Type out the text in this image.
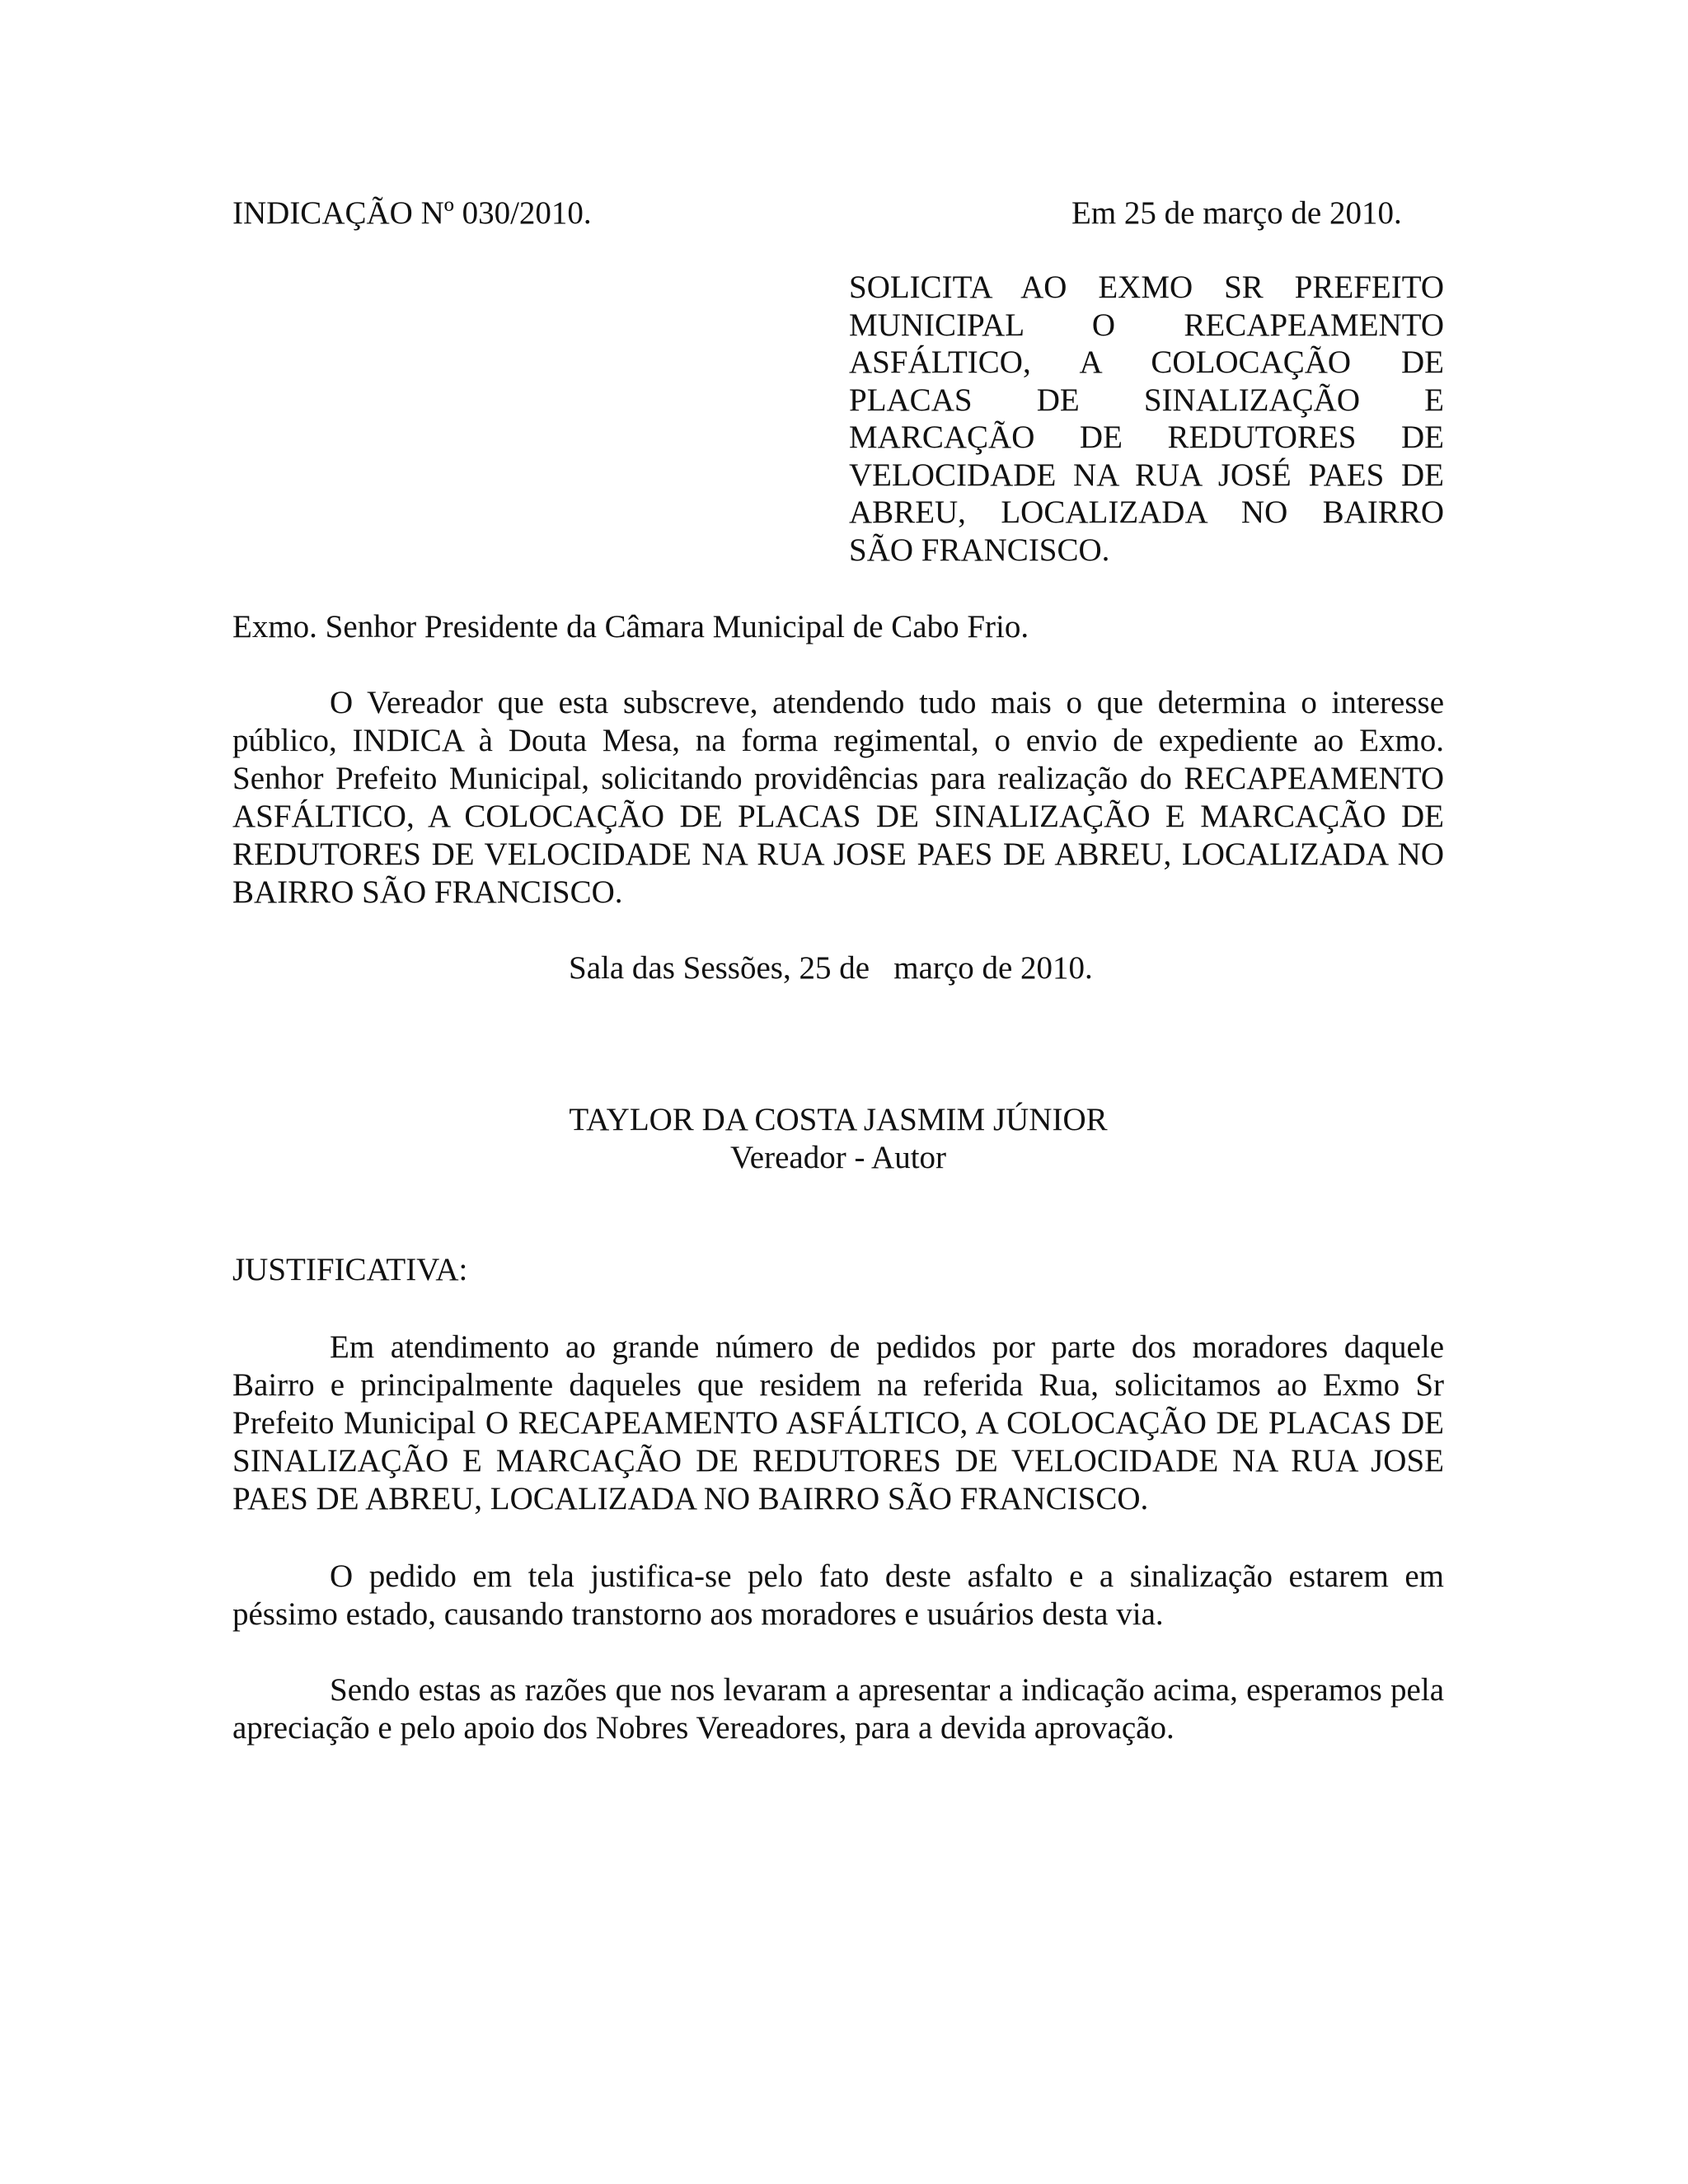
INDICAÇÃO Nº 030/2010.	Em 25 de março de 2010.

SOLICITA AO EXMO SR PREFEITO
MUNICIPAL O RECAPEAMENTO
ASFÁLTICO, A COLOCAÇÃO DE
PLACAS DE SINALIZAÇÃO E
MARCAÇÃO DE REDUTORES DE
VELOCIDADE NA RUA JOSÉ PAES DE
ABREU, LOCALIZADA NO BAIRRO
SÃO FRANCISCO.

Exmo. Senhor Presidente da Câmara Municipal de Cabo Frio.

O Vereador que esta subscreve, atendendo tudo mais o que determina o interesse público, INDICA à Douta Mesa, na forma regimental, o envio de expediente ao Exmo. Senhor Prefeito Municipal, solicitando providências para realização do RECAPEAMENTO ASFÁLTICO, A COLOCAÇÃO DE PLACAS DE SINALIZAÇÃO E MARCAÇÃO DE REDUTORES DE VELOCIDADE NA RUA JOSE PAES DE ABREU, LOCALIZADA NO BAIRRO SÃO FRANCISCO.

Sala das Sessões, 25 de   março de 2010.

TAYLOR DA COSTA JASMIM JÚNIOR
Vereador - Autor

JUSTIFICATIVA:

Em atendimento ao grande número de pedidos por parte dos moradores daquele Bairro e principalmente daqueles que residem na referida Rua, solicitamos ao Exmo Sr Prefeito Municipal O RECAPEAMENTO ASFÁLTICO, A COLOCAÇÃO DE PLACAS DE SINALIZAÇÃO E MARCAÇÃO DE REDUTORES DE VELOCIDADE NA RUA JOSE PAES DE ABREU, LOCALIZADA NO BAIRRO SÃO FRANCISCO.

O pedido em tela justifica-se pelo fato deste asfalto e a sinalização estarem em péssimo estado, causando transtorno aos moradores e usuários desta via.

Sendo estas as razões que nos levaram a apresentar a indicação acima, esperamos pela apreciação e pelo apoio dos Nobres Vereadores, para a devida aprovação.
